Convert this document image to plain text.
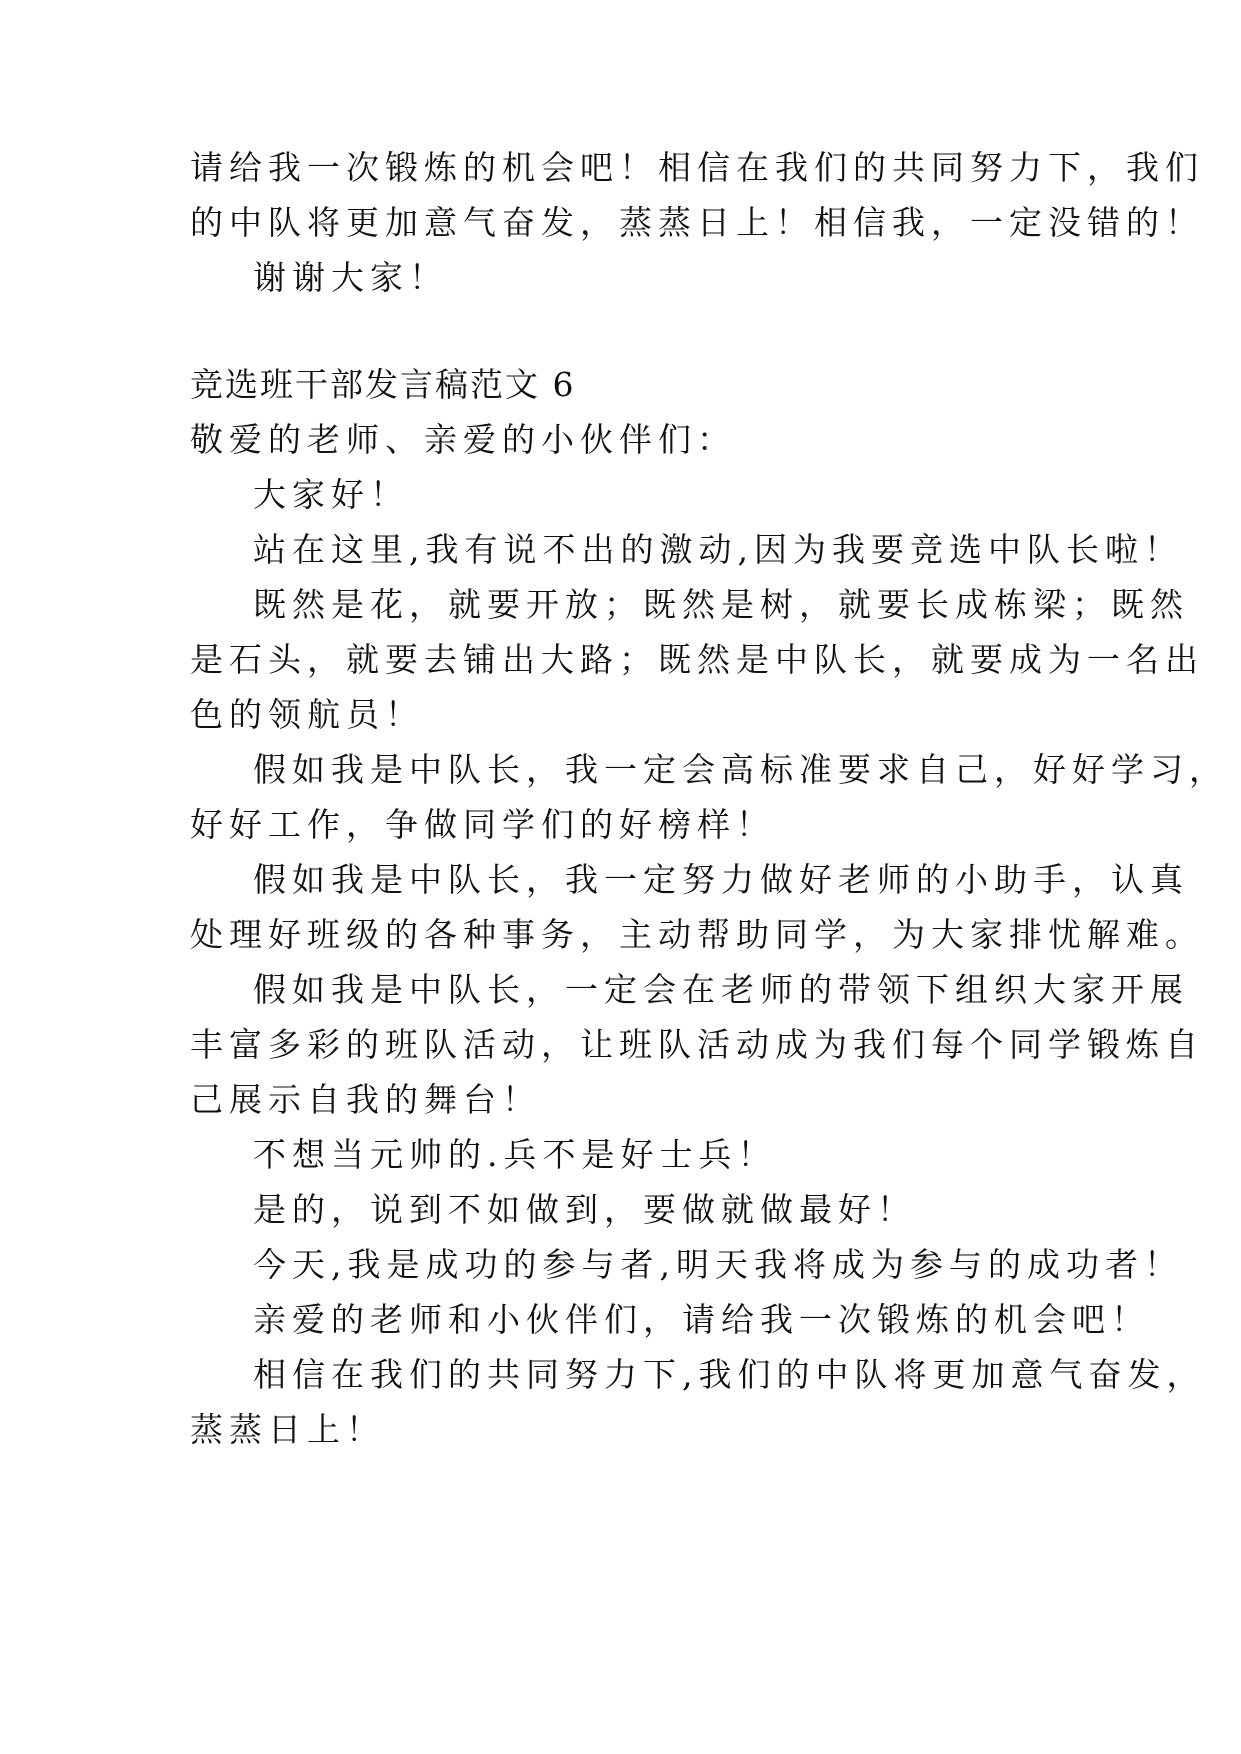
请给我一次锻炼的机会吧！相信在我们的共同努力下，我们
的中队将更加意气奋发，蒸蒸日上！相信我，一定没错的！
谢谢大家！
竞选班干部发言稿范文 6
敬爱的老师、亲爱的小伙伴们：
大家好！
站在这里,我有说不出的激动,因为我要竞选中队长啦！
既然是花，就要开放；既然是树，就要长成栋梁；既然
是石头，就要去铺出大路；既然是中队长，就要成为一名出
色的领航员！
假如我是中队长，我一定会高标准要求自己，好好学习，
好好工作，争做同学们的好榜样！
假如我是中队长，我一定努力做好老师的小助手，认真
处理好班级的各种事务，主动帮助同学，为大家排忧解难。
假如我是中队长，一定会在老师的带领下组织大家开展
丰富多彩的班队活动，让班队活动成为我们每个同学锻炼自
己展示自我的舞台！
不想当元帅的.兵不是好士兵！
是的，说到不如做到，要做就做最好！
今天,我是成功的参与者,明天我将成为参与的成功者！
亲爱的老师和小伙伴们，请给我一次锻炼的机会吧！
相信在我们的共同努力下,我们的中队将更加意气奋发，
蒸蒸日上！
